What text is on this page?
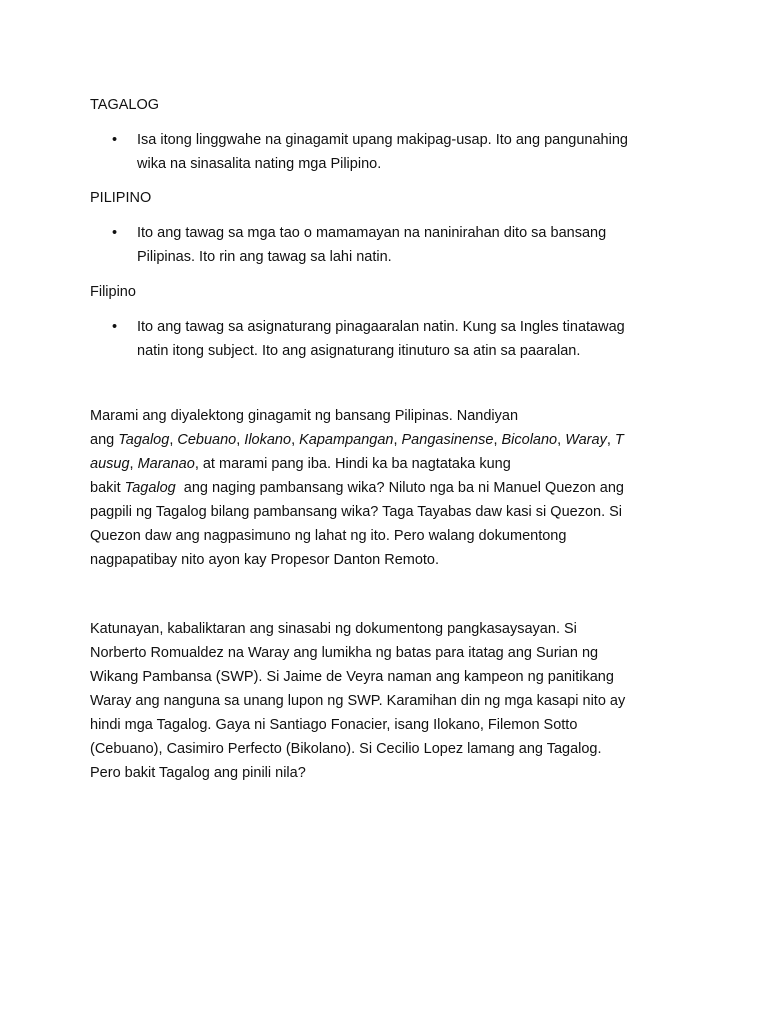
TAGALOG

•	Isa itong linggwahe na ginagamit upang makipag-usap. Ito ang pangunahing
wika na sinasalita nating mga Pilipino.

PILIPINO

•	Ito ang tawag sa mga tao o mamamayan na naninirahan dito sa bansang
Pilipinas. Ito rin ang tawag sa lahi natin.

Filipino

•	Ito ang tawag sa asignaturang pinagaaralan natin. Kung sa Ingles tinatawag
natin itong subject. Ito ang asignaturang itinuturo sa atin sa paaralan.
Marami ang diyalektong ginagamit ng bansang Pilipinas. Nandiyan
ang Tagalog, Cebuano, Ilokano, Kapampangan, Pangasinense, Bicolano, Waray, T
ausug, Maranao, at marami pang iba. Hindi ka ba nagtataka kung
bakit Tagalog  ang naging pambansang wika? Niluto nga ba ni Manuel Quezon ang
pagpili ng Tagalog bilang pambansang wika? Taga Tayabas daw kasi si Quezon. Si
Quezon daw ang nagpasimuno ng lahat ng ito. Pero walang dokumentong
nagpapatibay nito ayon kay Propesor Danton Remoto.
Katunayan, kabaliktaran ang sinasabi ng dokumentong pangkasaysayan. Si
Norberto Romualdez na Waray ang lumikha ng batas para itatag ang Surian ng
Wikang Pambansa (SWP). Si Jaime de Veyra naman ang kampeon ng panitikang
Waray ang nanguna sa unang lupon ng SWP. Karamihan din ng mga kasapi nito ay
hindi mga Tagalog. Gaya ni Santiago Fonacier, isang Ilokano, Filemon Sotto
(Cebuano), Casimiro Perfecto (Bikolano). Si Cecilio Lopez lamang ang Tagalog.
Pero bakit Tagalog ang pinili nila?
